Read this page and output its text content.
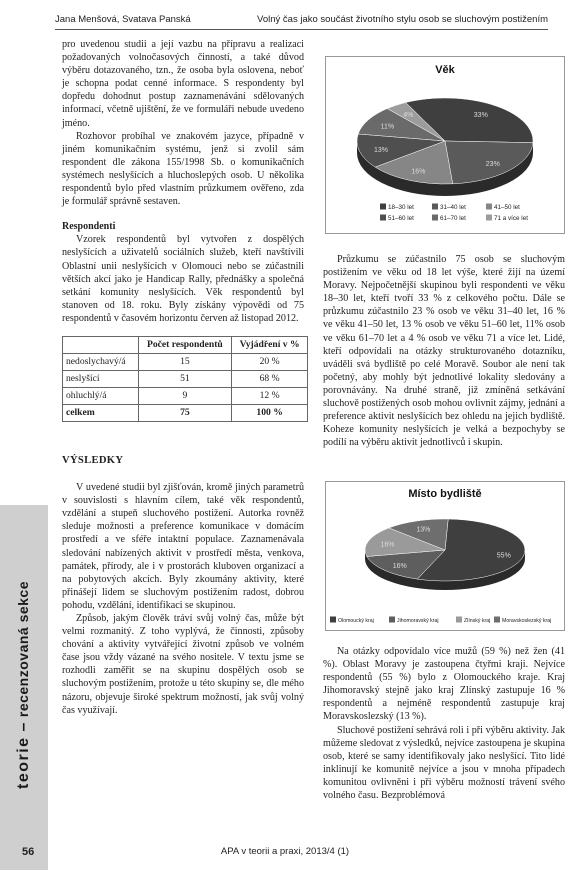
Jana Menšová, Svatava Panská	Volný čas jako součást životního stylu osob se sluchovým postižením

pro uvedenou studii a její vazbu na přípravu a realizaci požadovaných volnočasových činností, a také důvod výběru dotazovaného, tzn., že osoba byla oslovena, neboť je schopna podat cenné informace. S respondenty byl dopředu dohodnut postup zaznamenávání sdělovaných informací, včetně ujištění, že ve formuláři nebude uvedeno jméno.

Rozhovor probíhal ve znakovém jazyce, případně v jiném komunikačním systému, jenž si zvolil sám respondent dle zákona 155/1998 Sb. o komunikačních systémech neslyšících a hluchoslepých osob. U několika respondentů bylo před vlastním průzkumem ověřeno, zda je formulář správně sestaven.

Respondenti

Vzorek respondentů byl vytvořen z dospělých neslyšících a uživatelů sociálních služeb, kteří navštívili Oblastní unii neslyšících v Olomouci nebo se zúčastnili větších akcí jako je Handicap Rally, přednášky a společná setkání komunity neslyšících. Věk respondentů byl stanoven od 18. roku. Byly získány výpovědi od 75 respondentů v časovém horizontu červen až listopad 2012.

	Počet respondentů	Vyjádření v %
nedoslychavý/á	15	20 %
neslyšící	51	68 %
ohluchlý/á	9	12 %
celkem	75	100 %
VÝSLEDKY

V uvedené studii byl zjišťován, kromě jiných parametrů v souvislosti s hlavním cílem, také věk respondentů, vzdělání a stupeň sluchového postižení. Autorka rovněž sleduje možnosti a preference komunikace v domácím prostředí a ve sféře intaktní populace. Zaznamenávala sledování nabízených aktivit v prostředí města, venkova, památek, přírody, ale i v prostorách kluboven organizací a na pobytových akcích. Byly zkoumány aktivity, které přinášejí lidem se sluchovým postižením radost, dobrou pohodu, vzdělání, identifikaci se skupinou.

Způsob, jakým člověk tráví svůj volný čas, může být velmi rozmanitý. Z toho vyplývá, že činnosti, způsoby chování a aktivity vytvářející životní způsob ve volném čase jsou vždy vázané na svého nositele. V textu jsme se rozhodli zaměřit se na skupinu dospělých osob se sluchovým postižením, protože u této skupiny se, dle mého názoru, objevuje široké spektrum možností, jak svůj volný čas využívají.

Věk
33%
23%
16%
13%
11%
4%
18–30 let	31–40 let	41–50 let
51–60 let	61–70 let	71 a více let

Průzkumu se zúčastnilo 75 osob se sluchovým postižením ve věku od 18 let výše, které žijí na území Moravy. Nejpočetnější skupinou byli respondenti ve věku 18–30 let, kteří tvoří 33 % z celkového počtu. Dále se průzkumu zúčastnilo 23 % osob ve věku 31–40 let, 16 % ve věku 41–50 let, 13 % osob ve věku 51–60 let, 11% osob ve věku 61–70 let a 4 % osob ve věku 71 a více let. Lidé, kteří odpovídali na otázky strukturovaného dotazníku, uváděli svá bydliště po celé Moravě. Soubor ale není tak početný, aby mohly být jednotlivé lokality sledovány a porovnávány. Na druhé straně, již zmíněná setkávání sluchově postižených osob mohou ovlivnit zájmy, jednání a preference aktivit neslyšících bez ohledu na jejich bydliště. Koheze komunity neslyšících je velká a bezpochyby se podílí na výběru aktivit jednotlivců i skupin.

Místo bydliště
55%
16%
16%
13%
Olomoucký kraj	Jihomoravský kraj	Zlínský kraj Moravskoslezský kraj

Na otázky odpovídalo více mužů (59 %) než žen (41 %). Oblast Moravy je zastoupena čtyřmi kraji. Nejvíce respondentů (55 %) bylo z Olomouckého kraje. Kraj Jihomoravský stejně jako kraj Zlínský zastupuje 16 % respondentů a nejméně respondentů zastupuje kraj Moravskoslezský (13 %).

Sluchové postižení sehrává roli i při výběru aktivity. Jak můžeme sledovat z výsledků, nejvíce zastoupena je skupina osob, které se samy identifikovaly jako neslyšící. Tito lidé inklinují ke komunitě nejvíce a jsou v mnoha případech komunitou ovlivněni i při výběru možností trávení svého volného času. Bezproblémová

teorie – recenzovaná sekce
APA v teorii a praxi, 2013/4 (1)
56
